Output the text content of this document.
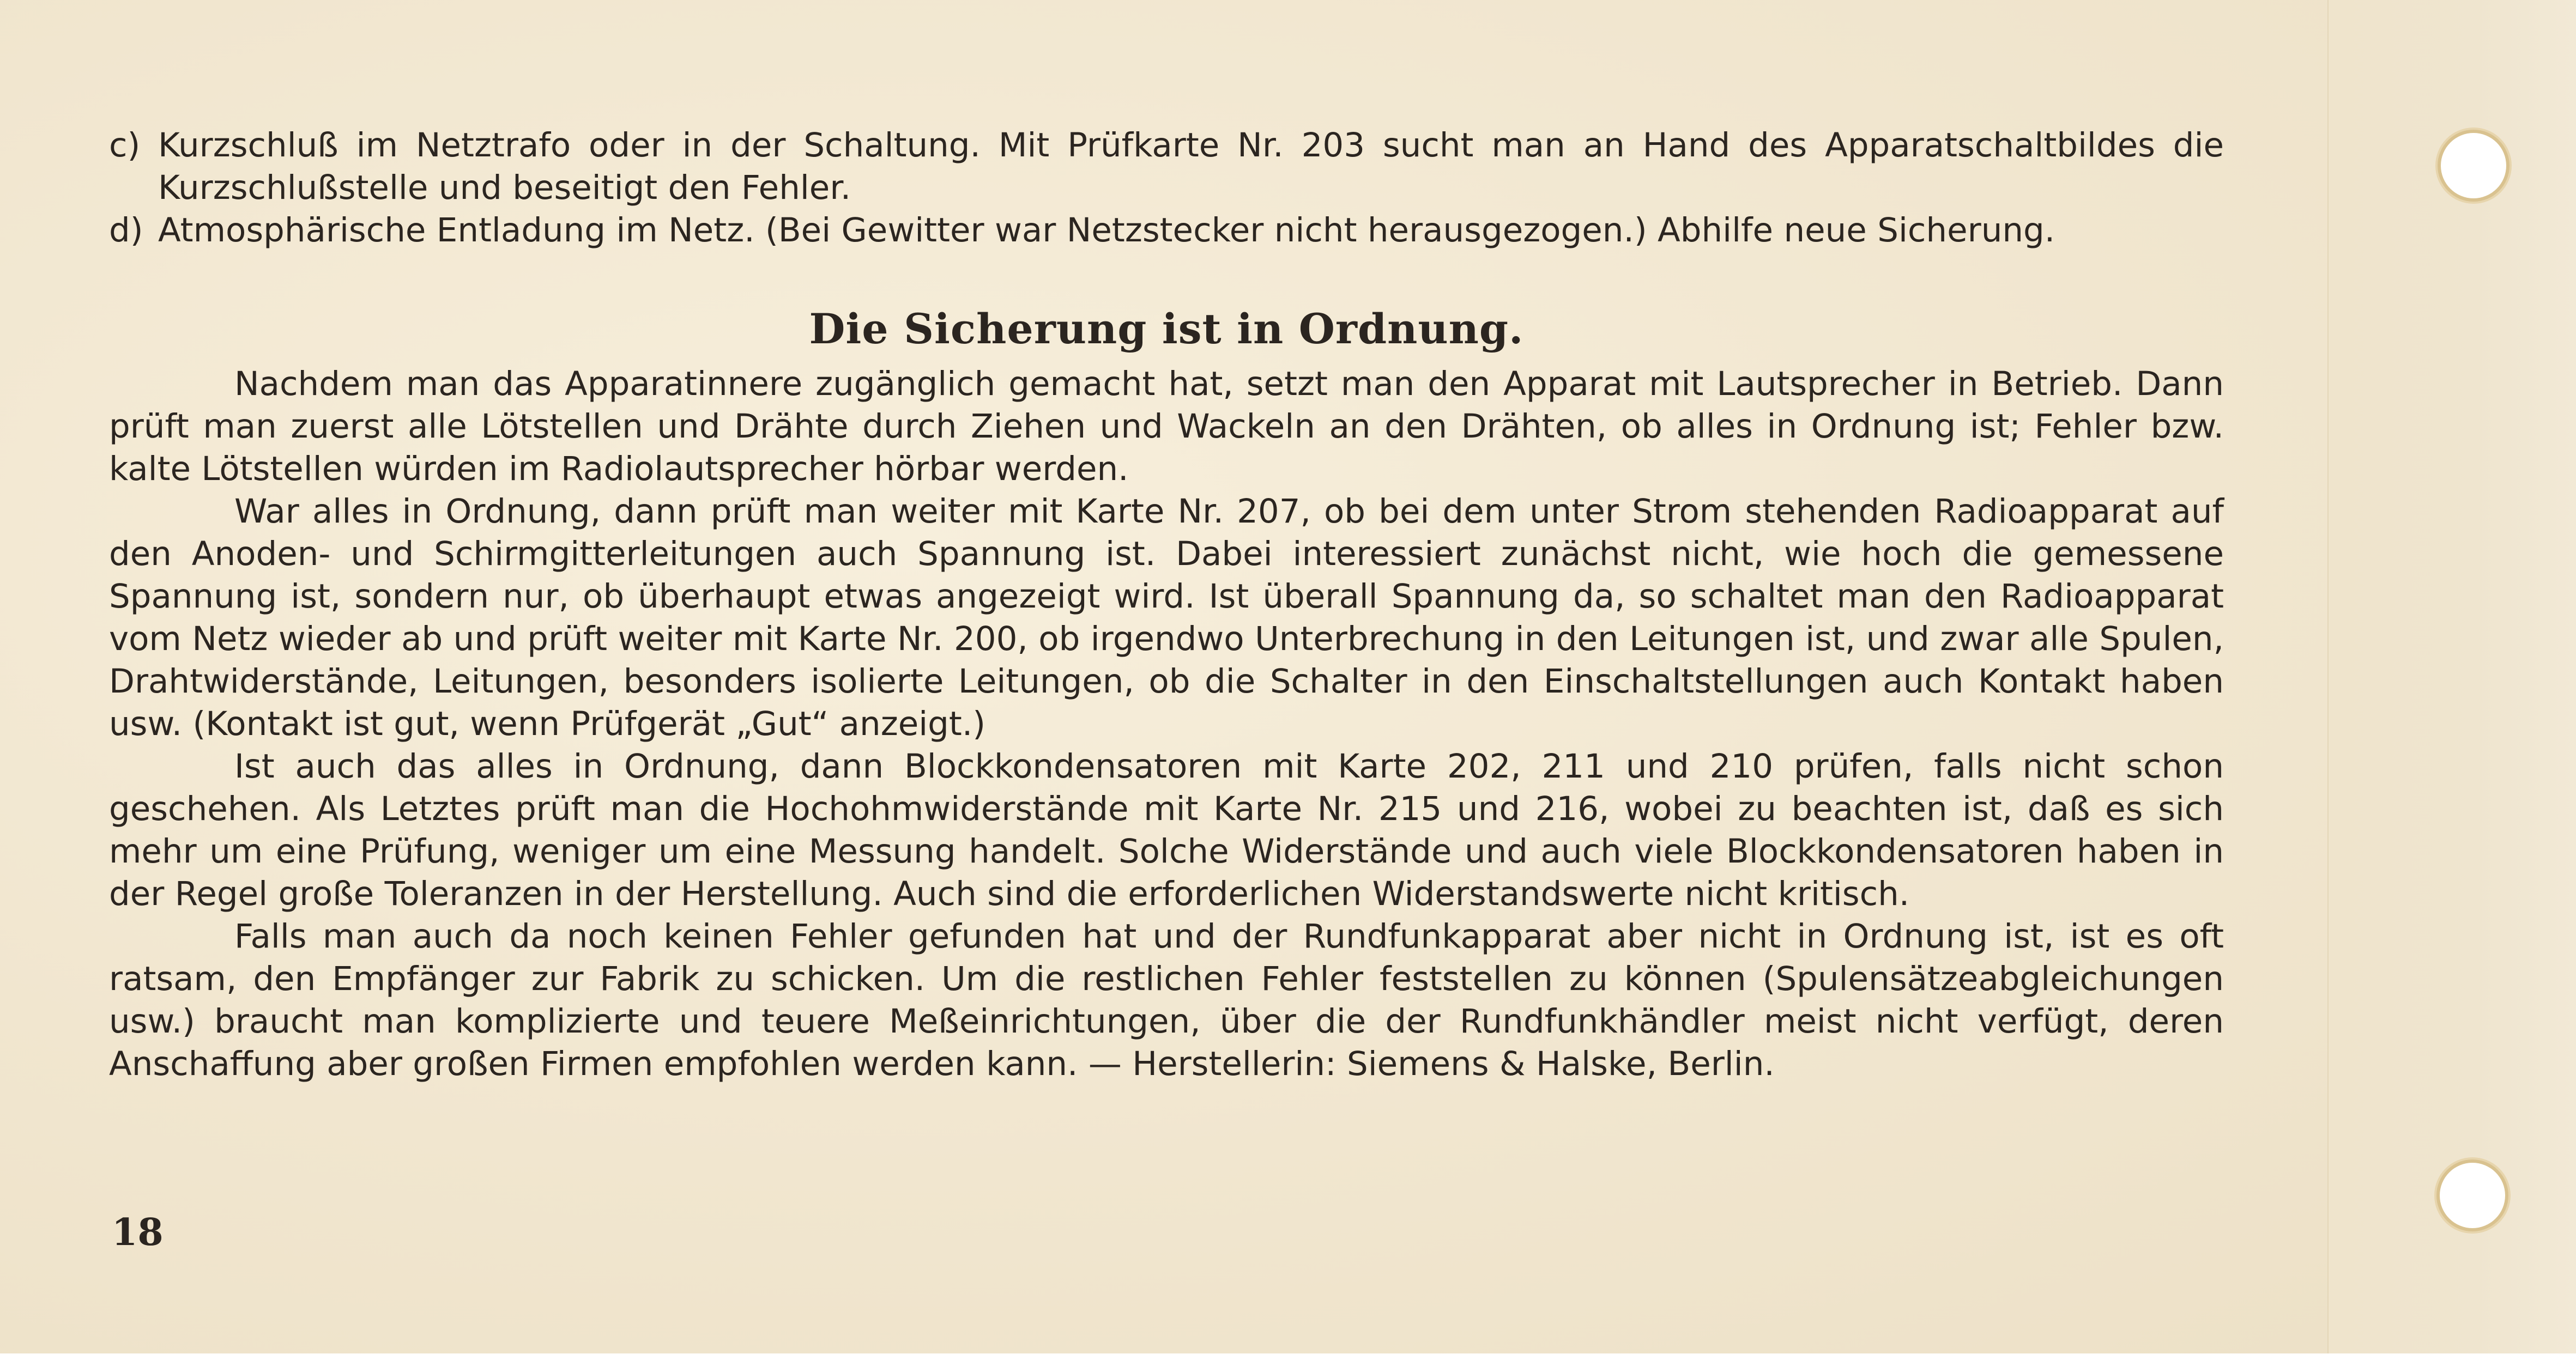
c) Kurzschluß im Netztrafo oder in der Schaltung. Mit Prüfkarte Nr. 203 sucht man an Hand des Apparatschaltbildes die Kurzschlußstelle und beseitigt den Fehler.
d) Atmosphärische Entladung im Netz. (Bei Gewitter war Netzstecker nicht herausgezogen.) Abhilfe neue Sicherung.
Die Sicherung ist in Ordnung.

Nachdem man das Apparatinnere zugänglich gemacht hat, setzt man den Apparat mit Lautsprecher in Betrieb. Dann prüft man zuerst alle Lötstellen und Drähte durch Ziehen und Wackeln an den Drähten, ob alles in Ordnung ist; Fehler bzw. kalte Lötstellen würden im Radiolautsprecher hörbar werden.

War alles in Ordnung, dann prüft man weiter mit Karte Nr. 207, ob bei dem unter Strom stehenden Radioapparat auf den Anoden- und Schirmgitterleitungen auch Spannung ist. Dabei interessiert zunächst nicht, wie hoch die gemessene Spannung ist, sondern nur, ob überhaupt etwas angezeigt wird. Ist überall Spannung da, so schaltet man den Radioapparat vom Netz wieder ab und prüft weiter mit Karte Nr. 200, ob irgendwo Unterbrechung in den Leitungen ist, und zwar alle Spulen, Drahtwiderstände, Leitungen, besonders isolierte Leitungen, ob die Schalter in den Einschaltstellungen auch Kontakt haben usw. (Kontakt ist gut, wenn Prüfgerät „Gut“ anzeigt.)

Ist auch das alles in Ordnung, dann Blockkondensatoren mit Karte 202, 211 und 210 prüfen, falls nicht schon geschehen. Als Letztes prüft man die Hochohmwiderstände mit Karte Nr. 215 und 216, wobei zu beachten ist, daß es sich mehr um eine Prüfung, weniger um eine Messung handelt. Solche Widerstände und auch viele Blockkondensatoren haben in der Regel große Toleranzen in der Herstellung. Auch sind die erforderlichen Widerstandswerte nicht kritisch.

Falls man auch da noch keinen Fehler gefunden hat und der Rundfunkapparat aber nicht in Ordnung ist, ist es oft ratsam, den Empfänger zur Fabrik zu schicken. Um die restlichen Fehler feststellen zu können (Spulensätzeabgleichungen usw.) braucht man komplizierte und teuere Meßeinrichtungen, über die der Rundfunkhändler meist nicht verfügt, deren Anschaffung aber großen Firmen empfohlen werden kann. — Herstellerin: Siemens & Halske, Berlin.

18
